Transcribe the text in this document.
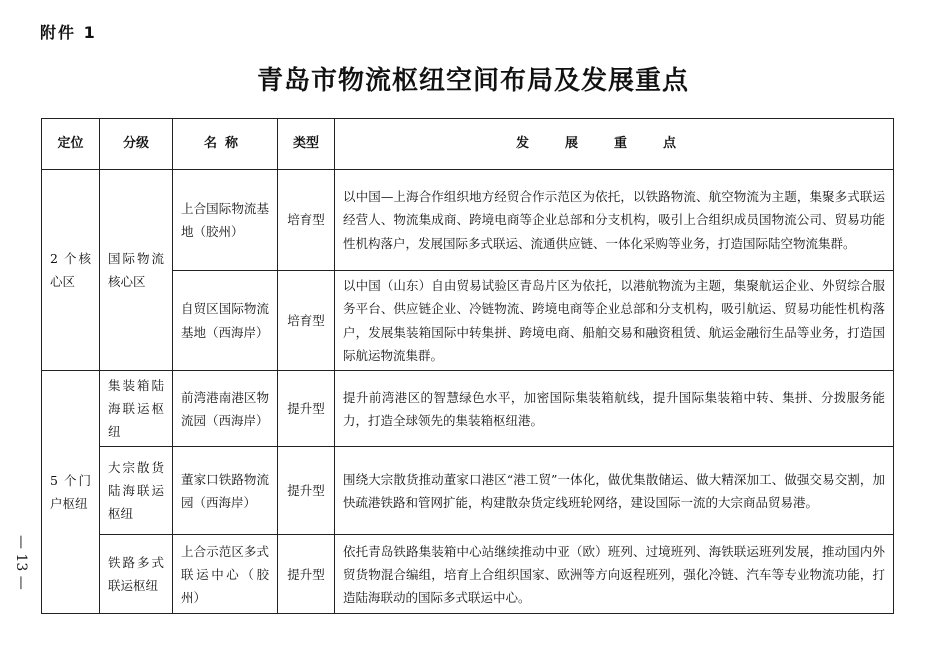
附件 1
青岛市物流枢纽空间布局及发展重点
— 13 —
定位	分级	名称	类型	发展重点
2 个核心区	国际物流核心区	上合国际物流基地（胶州）	培育型	以中国—上海合作组织地方经贸合作示范区为依托，以铁路物流、航空物流为主题，集聚多式联运经营人、物流集成商、跨境电商等企业总部和分支机构，吸引上合组织成员国物流公司、贸易功能性机构落户，发展国际多式联运、流通供应链、一体化采购等业务，打造国际陆空物流集群。
		自贸区国际物流基地（西海岸）	培育型	以中国（山东）自由贸易试验区青岛片区为依托，以港航物流为主题，集聚航运企业、外贸综合服务平台、供应链企业、冷链物流、跨境电商等企业总部和分支机构，吸引航运、贸易功能性机构落户，发展集装箱国际中转集拼、跨境电商、船舶交易和融资租赁、航运金融衍生品等业务，打造国际航运物流集群。
5 个门户枢纽	集装箱陆海联运枢纽	前湾港南港区物流园（西海岸）	提升型	提升前湾港区的智慧绿色水平，加密国际集装箱航线，提升国际集装箱中转、集拼、分拨服务能力，打造全球领先的集装箱枢纽港。
	大宗散货陆海联运枢纽	董家口铁路物流园（西海岸）	提升型	围绕大宗散货推动董家口港区“港工贸”一体化，做优集散储运、做大精深加工、做强交易交割，加快疏港铁路和管网扩能，构建散杂货定线班轮网络，建设国际一流的大宗商品贸易港。
	铁路多式联运枢纽	上合示范区多式联运中心（胶州）	提升型	依托青岛铁路集装箱中心站继续推动中亚（欧）班列、过境班列、海铁联运班列发展，推动国内外贸货物混合编组，培育上合组织国家、欧洲等方向返程班列，强化冷链、汽车等专业物流功能，打造陆海联动的国际多式联运中心。
